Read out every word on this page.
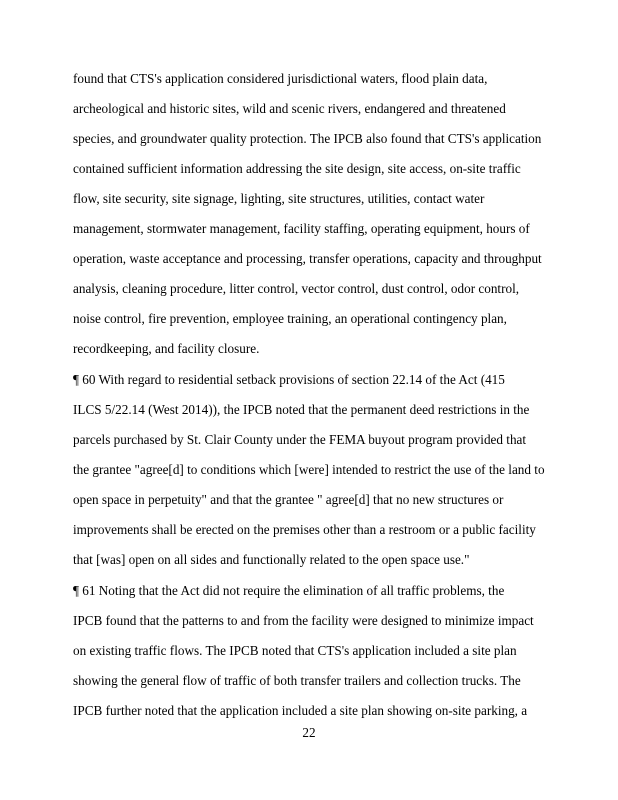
found that CTS's application considered jurisdictional waters, flood plain data,
archeological and historic sites, wild and scenic rivers, endangered and threatened
species, and groundwater quality protection. The IPCB also found that CTS's application
contained sufficient information addressing the site design, site access, on-site traffic
flow, site security, site signage, lighting, site structures, utilities, contact water
management, stormwater management, facility staffing, operating equipment, hours of
operation, waste acceptance and processing, transfer operations, capacity and throughput
analysis, cleaning procedure, litter control, vector control, dust control, odor control,
noise control, fire prevention, employee training, an operational contingency plan,
recordkeeping, and facility closure.
¶ 60 With regard to residential setback provisions of section 22.14 of the Act (415
ILCS 5/22.14 (West 2014)), the IPCB noted that the permanent deed restrictions in the
parcels purchased by St. Clair County under the FEMA buyout program provided that
the grantee "agree[d] to conditions which [were] intended to restrict the use of the land to
open space in perpetuity" and that the grantee " agree[d] that no new structures or
improvements shall be erected on the premises other than a restroom or a public facility
that [was] open on all sides and functionally related to the open space use."
¶ 61 Noting that the Act did not require the elimination of all traffic problems, the
IPCB found that the patterns to and from the facility were designed to minimize impact
on existing traffic flows. The IPCB noted that CTS's application included a site plan
showing the general flow of traffic of both transfer trailers and collection trucks. The
IPCB further noted that the application included a site plan showing on-site parking, a
22
